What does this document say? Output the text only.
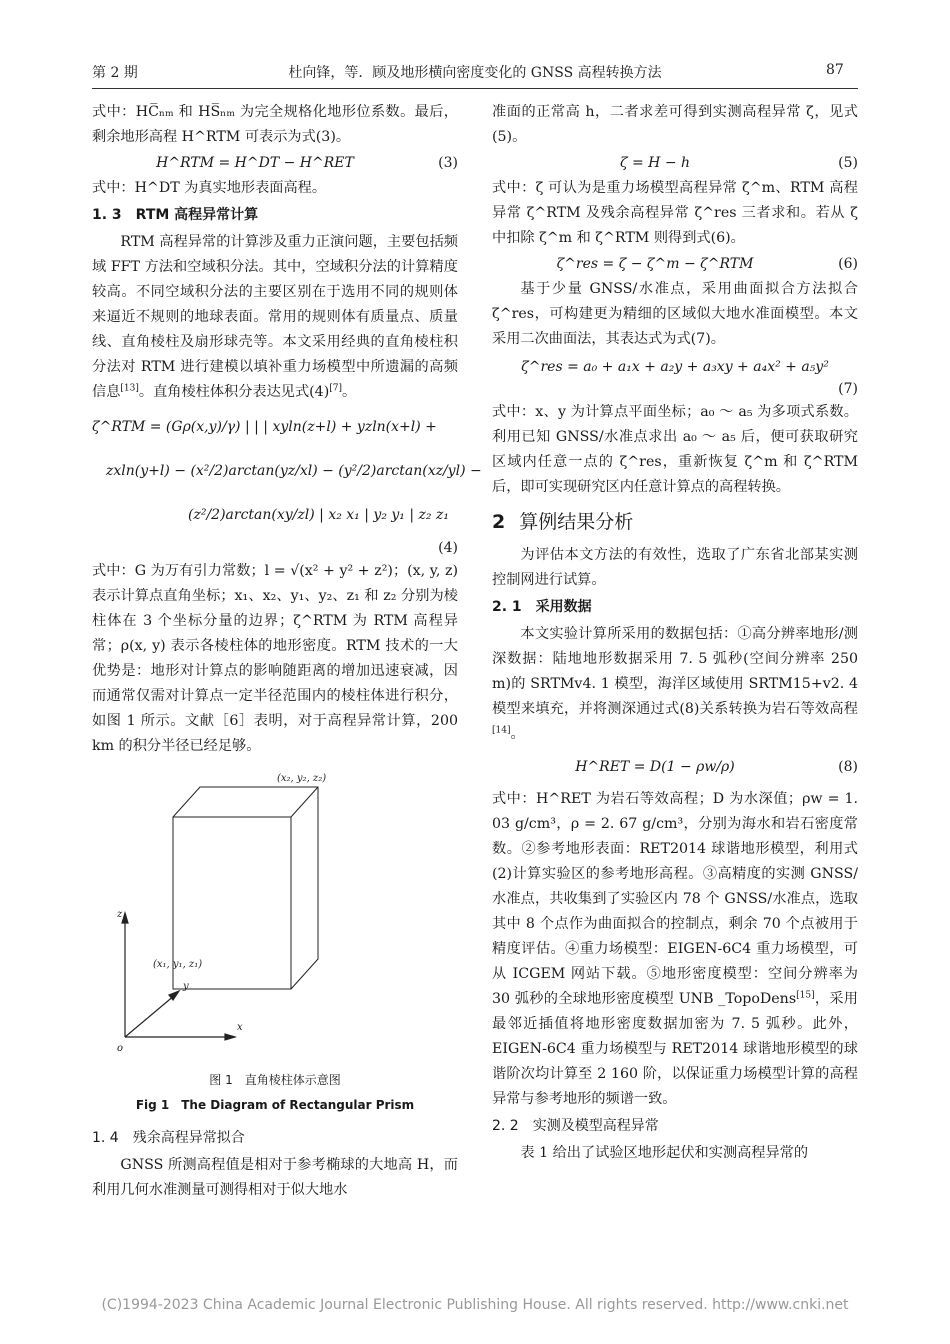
第 2 期	杜向锋，等．顾及地形横向密度变化的 GNSS 高程转换方法	87

式中：HC̅ₙₘ 和 HS̅ₙₘ 为完全规格化地形位系数。最后，剩余地形高程 H^RTM 可表示为式(3)。

H^RTM = H^DT − H^RET	(3)

式中：H^DT 为真实地形表面高程。

1. 3　RTM 高程异常计算

RTM 高程异常的计算涉及重力正演问题，主要包括频域 FFT 方法和空域积分法。其中，空域积分法的计算精度较高。不同空域积分法的主要区别在于选用不同的规则体来逼近不规则的地球表面。常用的规则体有质量点、质量线、直角棱柱及扇形球壳等。本文采用经典的直角棱柱积分法对 RTM 进行建模以填补重力场模型中所遗漏的高频信息[13]。直角棱柱体积分表达见式(4)[7]。

ζ^RTM = (Gρ(x,y)/γ) | | | xyln(z+l) + yzln(x+l) +
zxln(y+l) − (x²/2)arctan(yz/xl) − (y²/2)arctan(xz/yl) −
(z²/2)arctan(xy/zl) | x₂ x₁ | y₂ y₁ | z₂ z₁
(4)

式中：G 为万有引力常数；l = √(x² + y² + z²)；(x, y, z) 表示计算点直角坐标；x₁、x₂、y₁、y₂、z₁ 和 z₂ 分别为棱柱体在 3 个坐标分量的边界；ζ^RTM 为 RTM 高程异常；ρ(x, y) 表示各棱柱体的地形密度。RTM 技术的一大优势是：地形对计算点的影响随距离的增加迅速衰减，因而通常仅需对计算点一定半径范围内的棱柱体进行积分，如图 1 所示。文献［6］表明，对于高程异常计算，200 km 的积分半径已经足够。

(x₂, y₂, z₂)
(x₁, y₁, z₁)
z
y
x
o
图 1　直角棱柱体示意图
Fig 1　The Diagram of Rectangular Prism
1. 4　残余高程异常拟合

GNSS 所测高程值是相对于参考椭球的大地高 H，而利用几何水准测量可测得相对于似大地水

准面的正常高 h，二者求差可得到实测高程异常 ζ，见式(5)。

ζ = H − h	(5)

式中：ζ 可认为是重力场模型高程异常 ζ^m、RTM 高程异常 ζ^RTM 及残余高程异常 ζ^res 三者求和。若从 ζ 中扣除 ζ^m 和 ζ^RTM 则得到式(6)。

ζ^res = ζ − ζ^m − ζ^RTM	(6)

基于少量 GNSS/水准点，采用曲面拟合方法拟合 ζ^res，可构建更为精细的区域似大地水准面模型。本文采用二次曲面法，其表达式为式(7)。

ζ^res = a₀ + a₁x + a₂y + a₃xy + a₄x² + a₅y²
(7)

式中：x、y 为计算点平面坐标；a₀ ～ a₅ 为多项式系数。利用已知 GNSS/水准点求出 a₀ ～ a₅ 后，便可获取研究区域内任意一点的 ζ^res，重新恢复 ζ^m 和 ζ^RTM 后，即可实现研究区内任意计算点的高程转换。

2 算例结果分析

为评估本文方法的有效性，选取了广东省北部某实测控制网进行试算。

2. 1　采用数据

本文实验计算所采用的数据包括：①高分辨率地形/测深数据：陆地地形数据采用 7. 5 弧秒(空间分辨率 250 m)的 SRTMv4. 1 模型，海洋区域使用 SRTM15+v2. 4 模型来填充，并将测深通过式(8)关系转换为岩石等效高程[14]。

H^RET = D(1 − ρw/ρ)	(8)

式中：H^RET 为岩石等效高程；D 为水深值；ρw = 1. 03 g/cm³，ρ = 2. 67 g/cm³，分别为海水和岩石密度常数。②参考地形表面：RET2014 球谐地形模型，利用式(2)计算实验区的参考地形高程。③高精度的实测 GNSS/水准点，共收集到了实验区内 78 个 GNSS/水准点，选取其中 8 个点作为曲面拟合的控制点，剩余 70 个点被用于精度评估。④重力场模型：EIGEN-6C4 重力场模型，可从 ICGEM 网站下载。⑤地形密度模型：空间分辨率为 30 弧秒的全球地形密度模型 UNB _TopoDens[15]，采用最邻近插值将地形密度数据加密为 7. 5 弧秒。此外，EIGEN-6C4 重力场模型与 RET2014 球谐地形模型的球谐阶次均计算至 2 160 阶，以保证重力场模型计算的高程异常与参考地形的频谱一致。

2. 2　实测及模型高程异常

表 1 给出了试验区地形起伏和实测高程异常的

(C)1994-2023 China Academic Journal Electronic Publishing House. All rights reserved. http://www.cnki.net
